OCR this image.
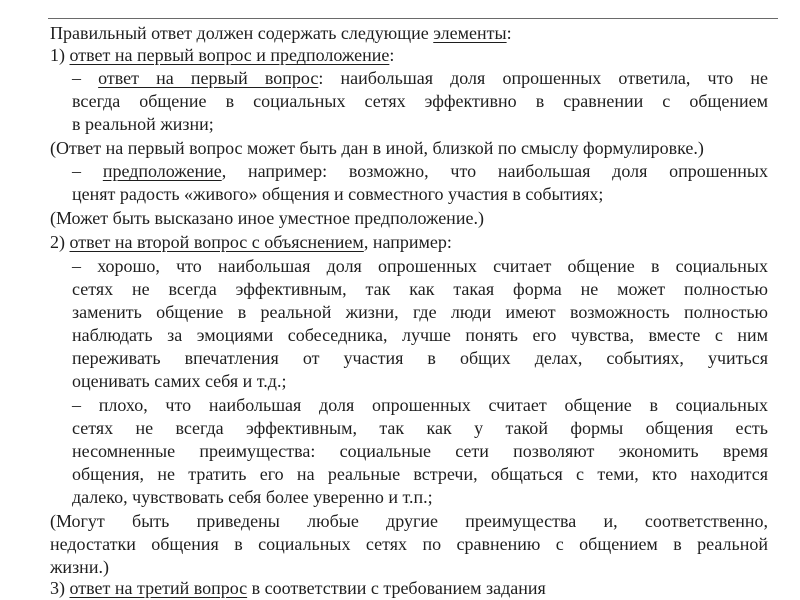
Правильный ответ должен содержать следующие элементы:
1) ответ на первый вопрос и предположение:
– ответ на первый вопрос: наибольшая доля опрошенных ответила, что не
всегда общение в социальных сетях эффективно в сравнении с общением
в реальной жизни;
(Ответ на первый вопрос может быть дан в иной, близкой по смыслу формулировке.)
– предположение, например: возможно, что наибольшая доля опрошенных
ценят радость «живого» общения и совместного участия в событиях;
(Может быть высказано иное уместное предположение.)
2) ответ на второй вопрос с объяснением, например:
– хорошо, что наибольшая доля опрошенных считает общение в социальных
сетях не всегда эффективным, так как такая форма не может полностью
заменить общение в реальной жизни, где люди имеют возможность полностью
наблюдать за эмоциями собеседника, лучше понять его чувства, вместе с ним
переживать впечатления от участия в общих делах, событиях, учиться
оценивать самих себя и т.д.;
– плохо, что наибольшая доля опрошенных считает общение в социальных
сетях не всегда эффективным, так как у такой формы общения есть
несомненные преимущества: социальные сети позволяют экономить время
общения, не тратить его на реальные встречи, общаться с теми, кто находится
далеко, чувствовать себя более уверенно и т.п.;
(Могут быть приведены любые другие преимущества и, соответственно,
недостатки общения в социальных сетях по сравнению с общением в реальной
жизни.)
3) ответ на третий вопрос в соответствии с требованием задания
